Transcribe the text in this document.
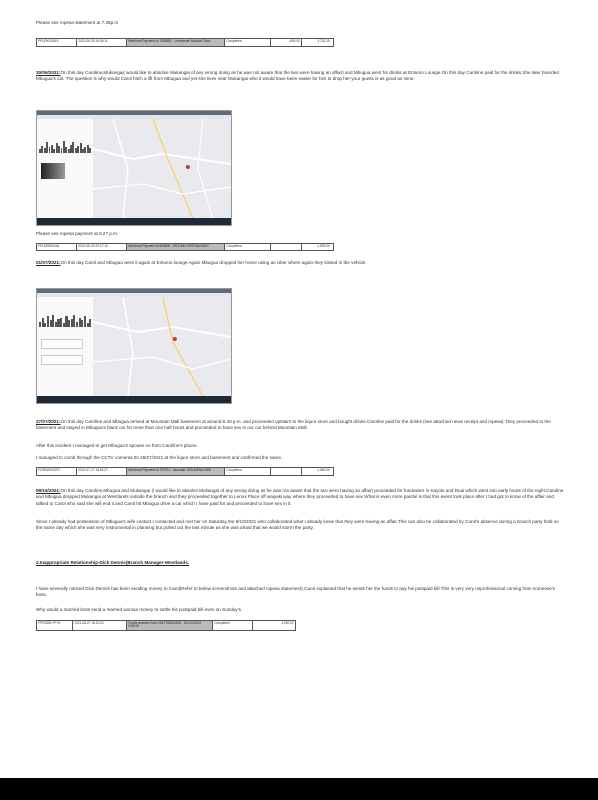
Please see mpesa statement at 7.36p.m

PFU0XOX6LE	2021-06-30 19:36:11	Merchant Payment to 7063651 - Ummanuel Medical Clinic	Completed	-600.00	3,702.15

30/06/2021:On this day Caroline,Mukangai( would like to absolve Mukangai of any wrong doing as he was not aware that the two were having an affair) and Mbugua went for drinks at Entumo Lounge.On this day Caroline paid for the drinks.She later boarded Mbugua's car. The question is why would Carol hitch a lift from Mbugua and yet she lives near Mukangai who it would have been easier for him to drop her-your guess is as good as mine.

Please see mpesa payment at 8.27 p.m.

PFU0RR6XAB	2021-06-30 20:27:16	Merchant Payment to 909606 - ENTUMO RESTAURANT	Completed	-1,800.00

01/07/2021:On this day Carol and Mbugua were it again at Entumo lounge Again Mbugua dropped her home using an Uber where again they kissed in the vehicle.

27/07/2021:On this day Caroline and Mbugua arrived at Mountain Mall basement at around 6.40 p.m. and proceeded upstairs to the liquor store and bought drinks.Caroline paid for the drinks (see attached news receipt and mpesa).They proceeded to the basement and stayed in Mbugua's black car for more than one half hours and proceeded to have sex in our car behind Mountain Mall.

After this incident I managed to get Mbugua's spouse no from Caroline's phone.

I managed to comb through the CCTV cameras 0n 28/07/2021 at the liquor store and basement and confirmed the same.

PGR0WXG0ST	2021-07-27 18:54:27	Merchant Payment to 707071 - mountain WOLWENA MINI	Completed	-1,860.00

09/16/2021:On this day Caroline,Mbugua and Mukangai (I would like to absolve Mukangai of any wrong doing as he was not aware that the two were having an affair) proceeded for fundraiser in Kayole and Ruai which went into early hours of the night.Caroline and Mbugua dropped Mukangai at Westlands outside the branch and they proceeded together to Lenox Place off waiyaki way where they proceeded to have sex.What is even more painful is that this event took place after I had got to know of the affair and talked to Carol who said she will end it and Carol hit Mbugua drive a car which I have paid for and proceeded to have sex in it.

Since I already had possession of Mbugua's wife contact I contacted and met her on Saturday the 9/10/2021 who collaborated what I already knew that they were having an affair.This can also be collaborated by Carol's absence during a branch party held on the same day which she was very instrumental in planning but pulled out the last minute as she was afraid that we would storm the party.

2.Inappropriate Relationship-Dick Dennis(Branch Manager-Westlands.

I have severally noticed Dick Dennis has been sending money to Carol(Refer to below screenshots and attached mpesa statement).Carol explained that he sends her the funds to pay his postpaid bill.This is very very unprofessional coming from someone's boss.

Why would a married boss send a married woman money to settle his postpaid bill even on Sunday's.

PFR0Z81YPYS	2021-06-27 16:20:22	Funds received from 2547700000000 - DXXXXXXX KJOHU
Completed	1,500.00
